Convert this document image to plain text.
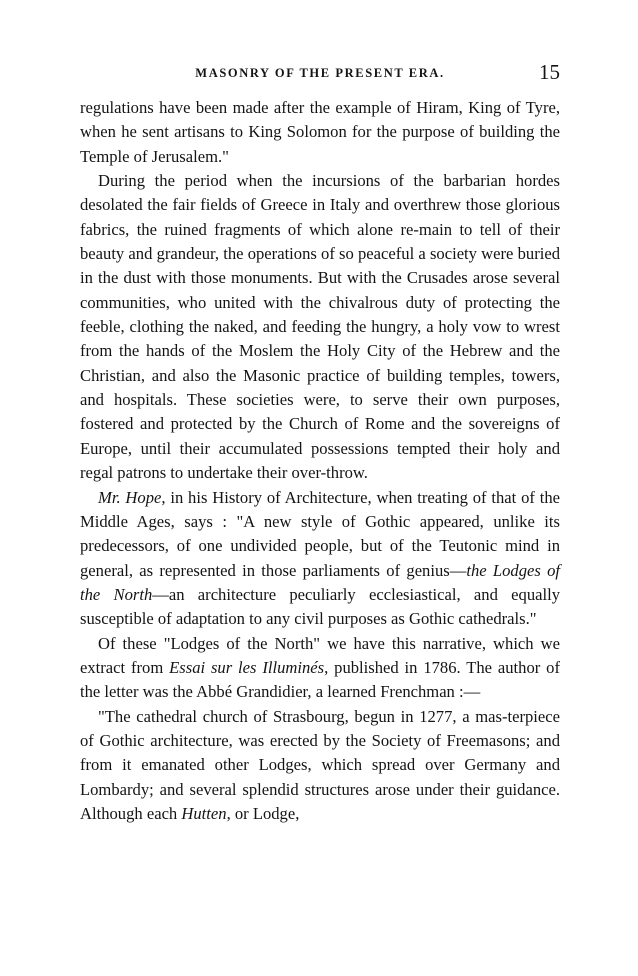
MASONRY OF THE PRESENT ERA.	15

regulations have been made after the example of Hiram, King of Tyre, when he sent artisans to King Solomon for the purpose of building the Temple of Jerusalem."

During the period when the incursions of the barbarian hordes desolated the fair fields of Greece in Italy and overthrew those glorious fabrics, the ruined fragments of which alone re-main to tell of their beauty and grandeur, the operations of so peaceful a society were buried in the dust with those monuments. But with the Crusades arose several communities, who united with the chivalrous duty of protecting the feeble, clothing the naked, and feeding the hungry, a holy vow to wrest from the hands of the Moslem the Holy City of the Hebrew and the Christian, and also the Masonic practice of building temples, towers, and hospitals. These societies were, to serve their own purposes, fostered and protected by the Church of Rome and the sovereigns of Europe, until their accumulated possessions tempted their holy and regal patrons to undertake their over-throw.

Mr. Hope, in his History of Architecture, when treating of that of the Middle Ages, says : "A new style of Gothic appeared, unlike its predecessors, of one undivided people, but of the Teutonic mind in general, as represented in those parliaments of genius—the Lodges of the North—an architecture peculiarly ecclesiastical, and equally susceptible of adaptation to any civil purposes as Gothic cathedrals."

Of these "Lodges of the North" we have this narrative, which we extract from Essai sur les Illuminés, published in 1786. The author of the letter was the Abbé Grandidier, a learned Frenchman :—

"The cathedral church of Strasbourg, begun in 1277, a mas-terpiece of Gothic architecture, was erected by the Society of Freemasons; and from it emanated other Lodges, which spread over Germany and Lombardy; and several splendid structures arose under their guidance. Although each Hutten, or Lodge,
